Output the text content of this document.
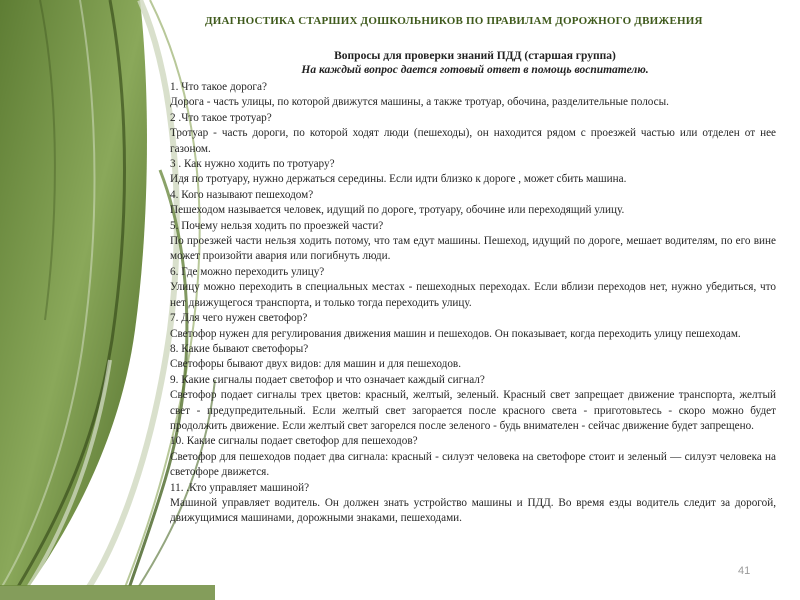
ДИАГНОСТИКА СТАРШИХ ДОШКОЛЬНИКОВ ПО ПРАВИЛАМ ДОРОЖНОГО ДВИЖЕНИЯ
Вопросы для проверки знаний ПДД (старшая группа)
На каждый вопрос дается готовый ответ в помощь воспитателю.

1. Что такое дорога?

Дорога - часть улицы, по которой движутся машины, а также тротуар, обочина, разделительные полосы.

2 .Что такое тротуар?

Тротуар - часть дороги, по которой ходят люди (пешеходы), он находится рядом с проезжей частью или отделен от нее газоном.

3 . Как нужно ходить по тротуару?

Идя по тротуару, нужно держаться середины. Если идти близко к дороге , может сбить машина.

4. Кого называют пешеходом?

Пешеходом называется человек, идущий по дороге, тротуару, обочине или переходящий улицу.

5. Почему нельзя ходить по проезжей части?

По проезжей части нельзя ходить потому, что там едут машины. Пешеход, идущий по дороге, мешает водителям, по его вине может произойти авария или погибнуть люди.

6. Где можно переходить улицу?

Улицу можно переходить в специальных местах - пешеходных переходах. Если вблизи переходов нет, нужно убедиться, что нет движущегося транспорта, и только тогда переходить улицу.

7. Для чего нужен светофор?

Светофор нужен для регулирования движения машин и пешеходов. Он показывает, когда переходить улицу пешеходам.

8. Какие бывают светофоры?

Светофоры бывают двух видов: для машин и для пешеходов.

9. Какие сигналы подает светофор и что означает каждый сигнал?

Светофор подает сигналы трех цветов: красный, желтый, зеленый. Красный свет запрещает движение транспорта, желтый свет - предупредительный. Если желтый свет загорается после красного света - приготовьтесь - скоро можно будет продолжить движение. Если желтый свет загорелся после зеленого - будь внимателен - сейчас движение будет запрещено.

10. Какие сигналы подает светофор для пешеходов?

Светофор для пешеходов подает два сигнала: красный - силуэт человека на светофоре стоит и зеленый — силуэт человека на светофоре движется.

11. .Кто управляет машиной?

Машиной управляет водитель. Он должен знать устройство машины и ПДД. Во время езды водитель следит за дорогой, движущимися машинами, дорожными знаками, пешеходами.

41
